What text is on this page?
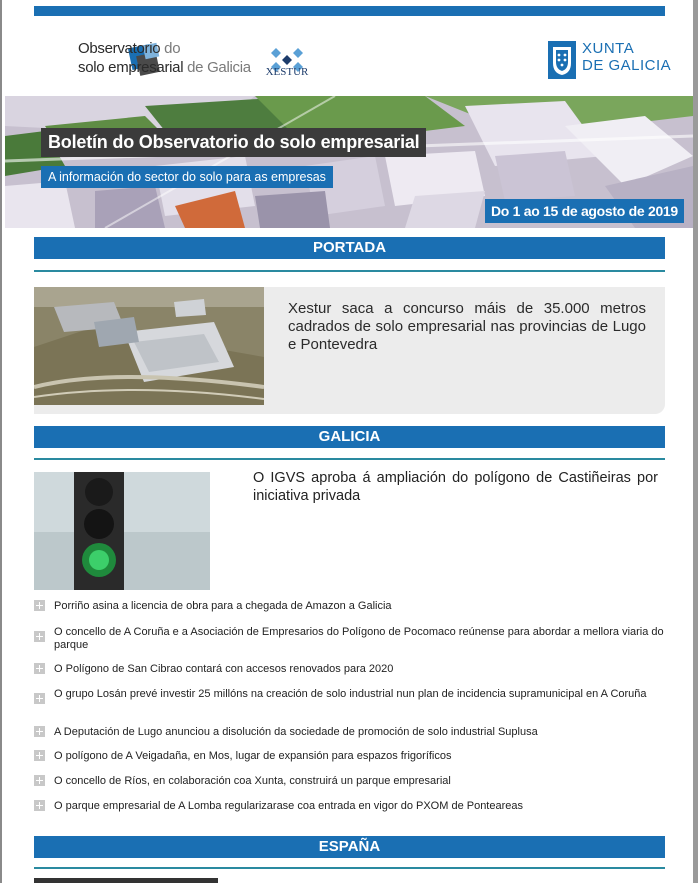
Observatorio do
solo empresarial de Galicia	XESTUR
XUNTA
DE GALICIA
Boletín do Observatorio do solo empresarial
A información do sector do solo para as empresas
Do 1 ao 15 de agosto de 2019
PORTADA
Xestur saca a concurso máis de 35.000 metros cadrados de solo empresarial nas provincias de Lugo e Pontevedra
GALICIA
O IGVS aproba á ampliación do polígono de Castiñeiras por iniciativa privada
Porriño asina a licencia de obra para a chegada de Amazon a Galicia
O concello de A Coruña e a Asociación de Empresarios do Polígono de Pocomaco reúnense para abordar a mellora viaria do parque
O Polígono de San Cibrao contará con accesos renovados para 2020
O grupo Losán prevé investir 25 millóns na creación de solo industrial nun plan de incidencia supramunicipal en A Coruña
A Deputación de Lugo anunciou a disolución da sociedade de promoción de solo industrial Suplusa
O polígono de A Veigadaña, en Mos, lugar de expansión para espazos frigoríficos
O concello de Ríos, en colaboración coa Xunta, construirá un parque empresarial
O parque empresarial de A Lomba regularizarase coa entrada en vigor do PXOM de Ponteareas
ESPAÑA
